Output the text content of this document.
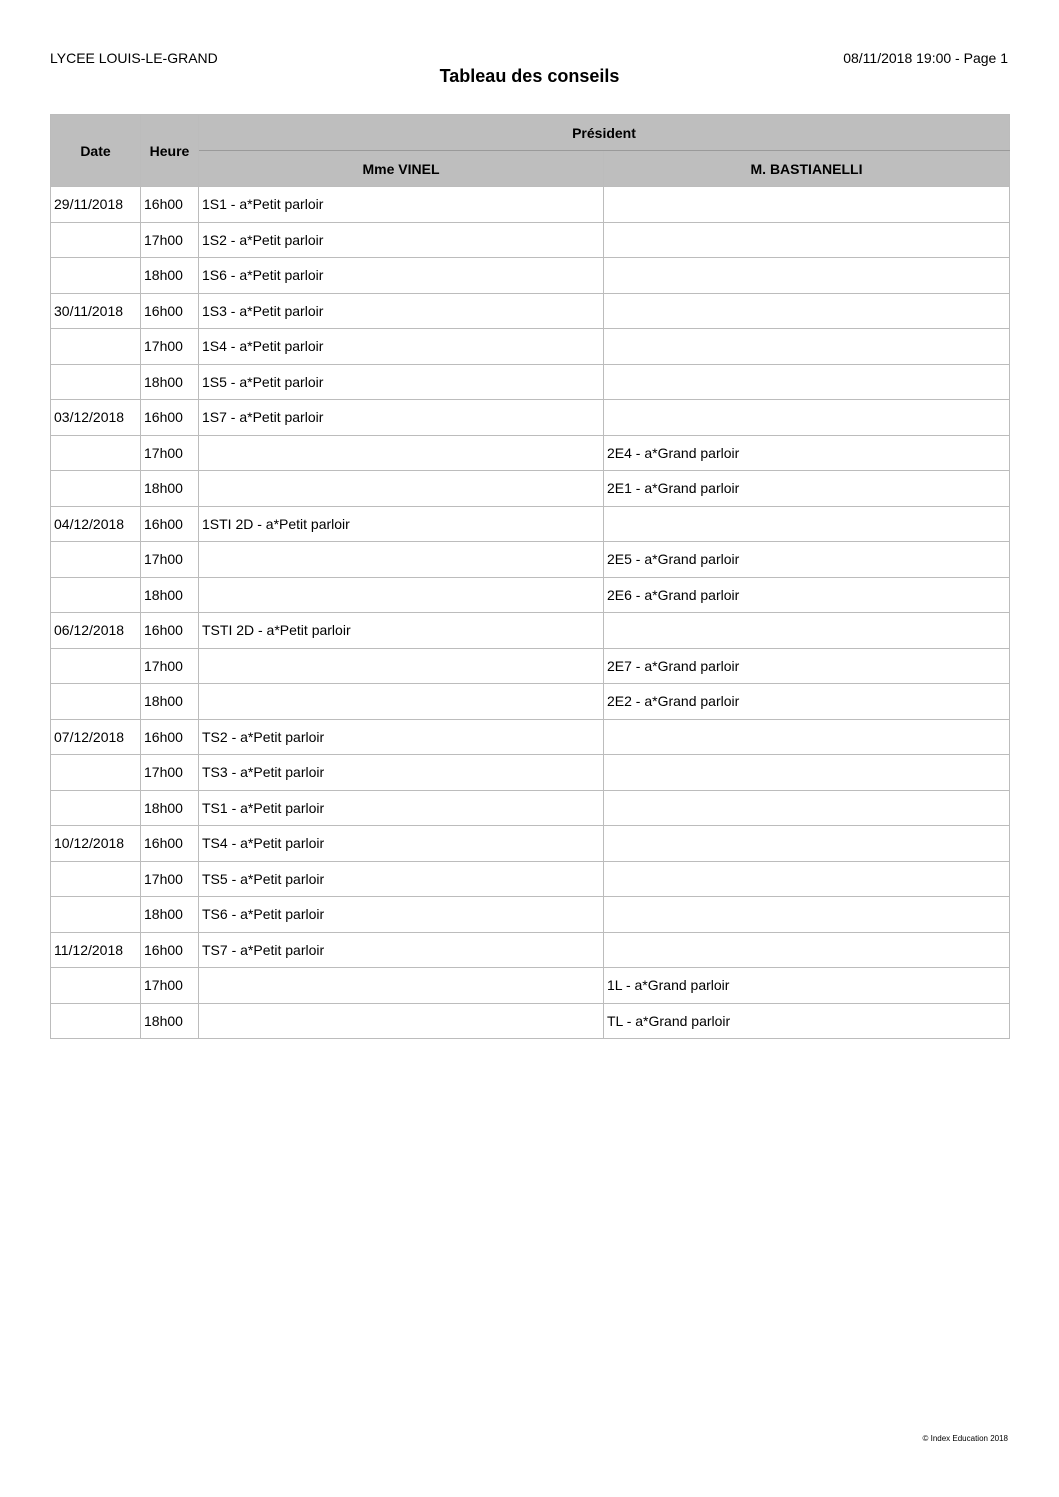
LYCEE LOUIS-LE-GRAND	08/11/2018 19:00 - Page 1
Tableau des conseils
Date	Heure	Président	
		Mme VINEL	M. BASTIANELLI
29/11/2018	16h00	1S1 - a*Petit parloir	
	17h00	1S2 - a*Petit parloir	
	18h00	1S6 - a*Petit parloir	
30/11/2018	16h00	1S3 - a*Petit parloir	
	17h00	1S4 - a*Petit parloir	
	18h00	1S5 - a*Petit parloir	
03/12/2018	16h00	1S7 - a*Petit parloir	
	17h00		2E4 - a*Grand parloir
	18h00		2E1 - a*Grand parloir
04/12/2018	16h00	1STI 2D - a*Petit parloir	
	17h00		2E5 - a*Grand parloir
	18h00		2E6 - a*Grand parloir
06/12/2018	16h00	TSTI 2D - a*Petit parloir	
	17h00		2E7 - a*Grand parloir
	18h00		2E2 - a*Grand parloir
07/12/2018	16h00	TS2 - a*Petit parloir	
	17h00	TS3 - a*Petit parloir	
	18h00	TS1 - a*Petit parloir	
10/12/2018	16h00	TS4 - a*Petit parloir	
	17h00	TS5 - a*Petit parloir	
	18h00	TS6 - a*Petit parloir	
11/12/2018	16h00	TS7 - a*Petit parloir	
	17h00		1L - a*Grand parloir
	18h00		TL - a*Grand parloir
© Index Education 2018
